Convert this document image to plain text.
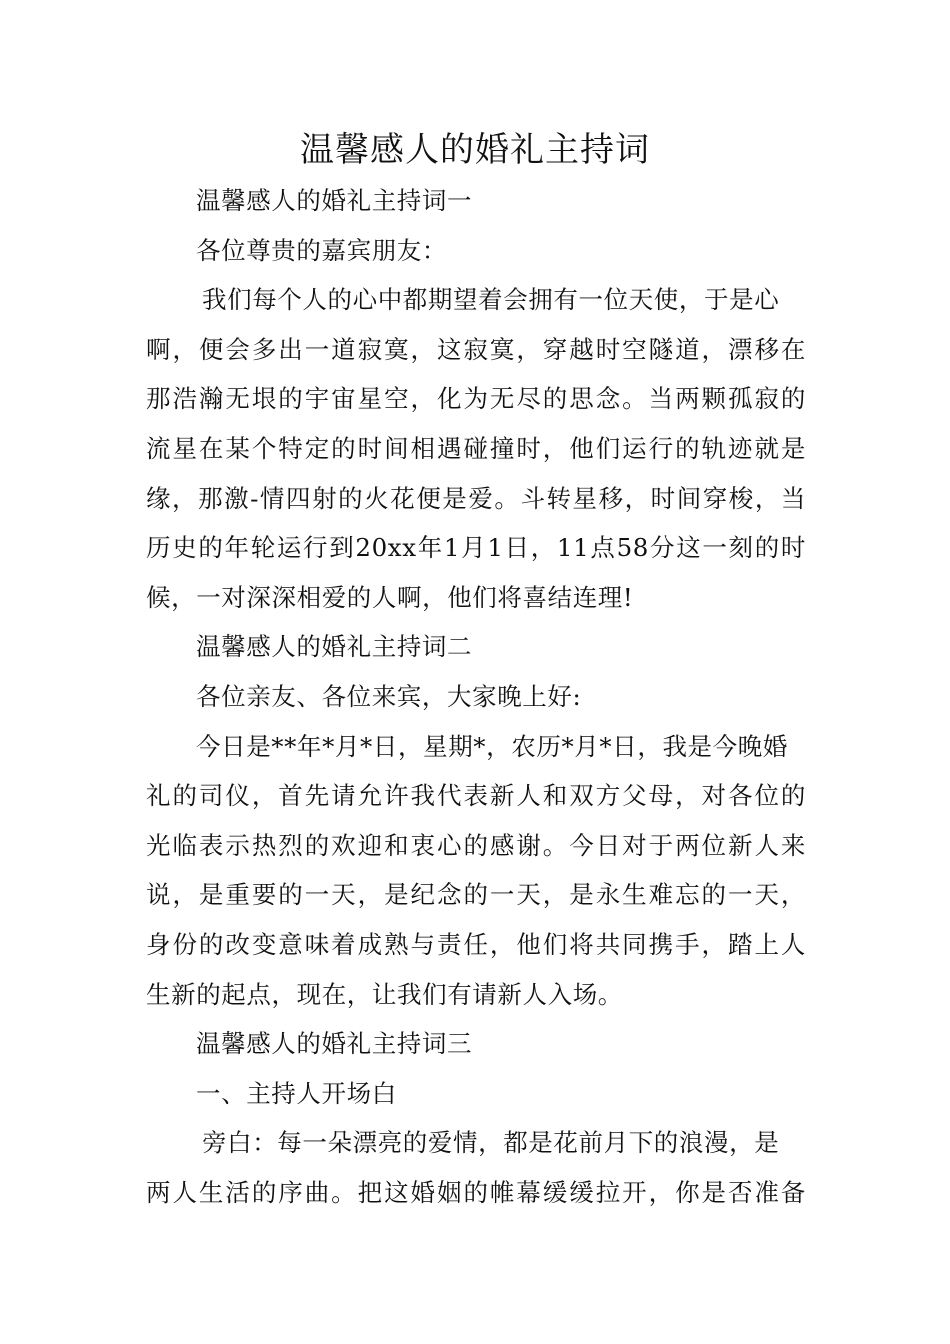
温馨感人的婚礼主持词
温馨感人的婚礼主持词一
各位尊贵的嘉宾朋友：
我们每个人的心中都期望着会拥有一位天使，于是心
啊，便会多出一道寂寞，这寂寞，穿越时空隧道，漂移在
那浩瀚无垠的宇宙星空，化为无尽的思念。当两颗孤寂的
流星在某个特定的时间相遇碰撞时，他们运行的轨迹就是
缘，那激-情四射的火花便是爱。斗转星移，时间穿梭，当
历史的年轮运行到20xx年1月1日，11点58分这一刻的时
候，一对深深相爱的人啊，他们将喜结连理!
温馨感人的婚礼主持词二
各位亲友、各位来宾，大家晚上好:
今日是**年*月*日，星期*，农历*月*日，我是今晚婚
礼的司仪，首先请允许我代表新人和双方父母，对各位的
光临表示热烈的欢迎和衷心的感谢。今日对于两位新人来
说，是重要的一天，是纪念的一天，是永生难忘的一天，
身份的改变意味着成熟与责任，他们将共同携手，踏上人
生新的起点，现在，让我们有请新人入场。
温馨感人的婚礼主持词三
一、主持人开场白
旁白：每一朵漂亮的爱情，都是花前月下的浪漫，是
两人生活的序曲。把这婚姻的帷幕缓缓拉开，你是否准备
